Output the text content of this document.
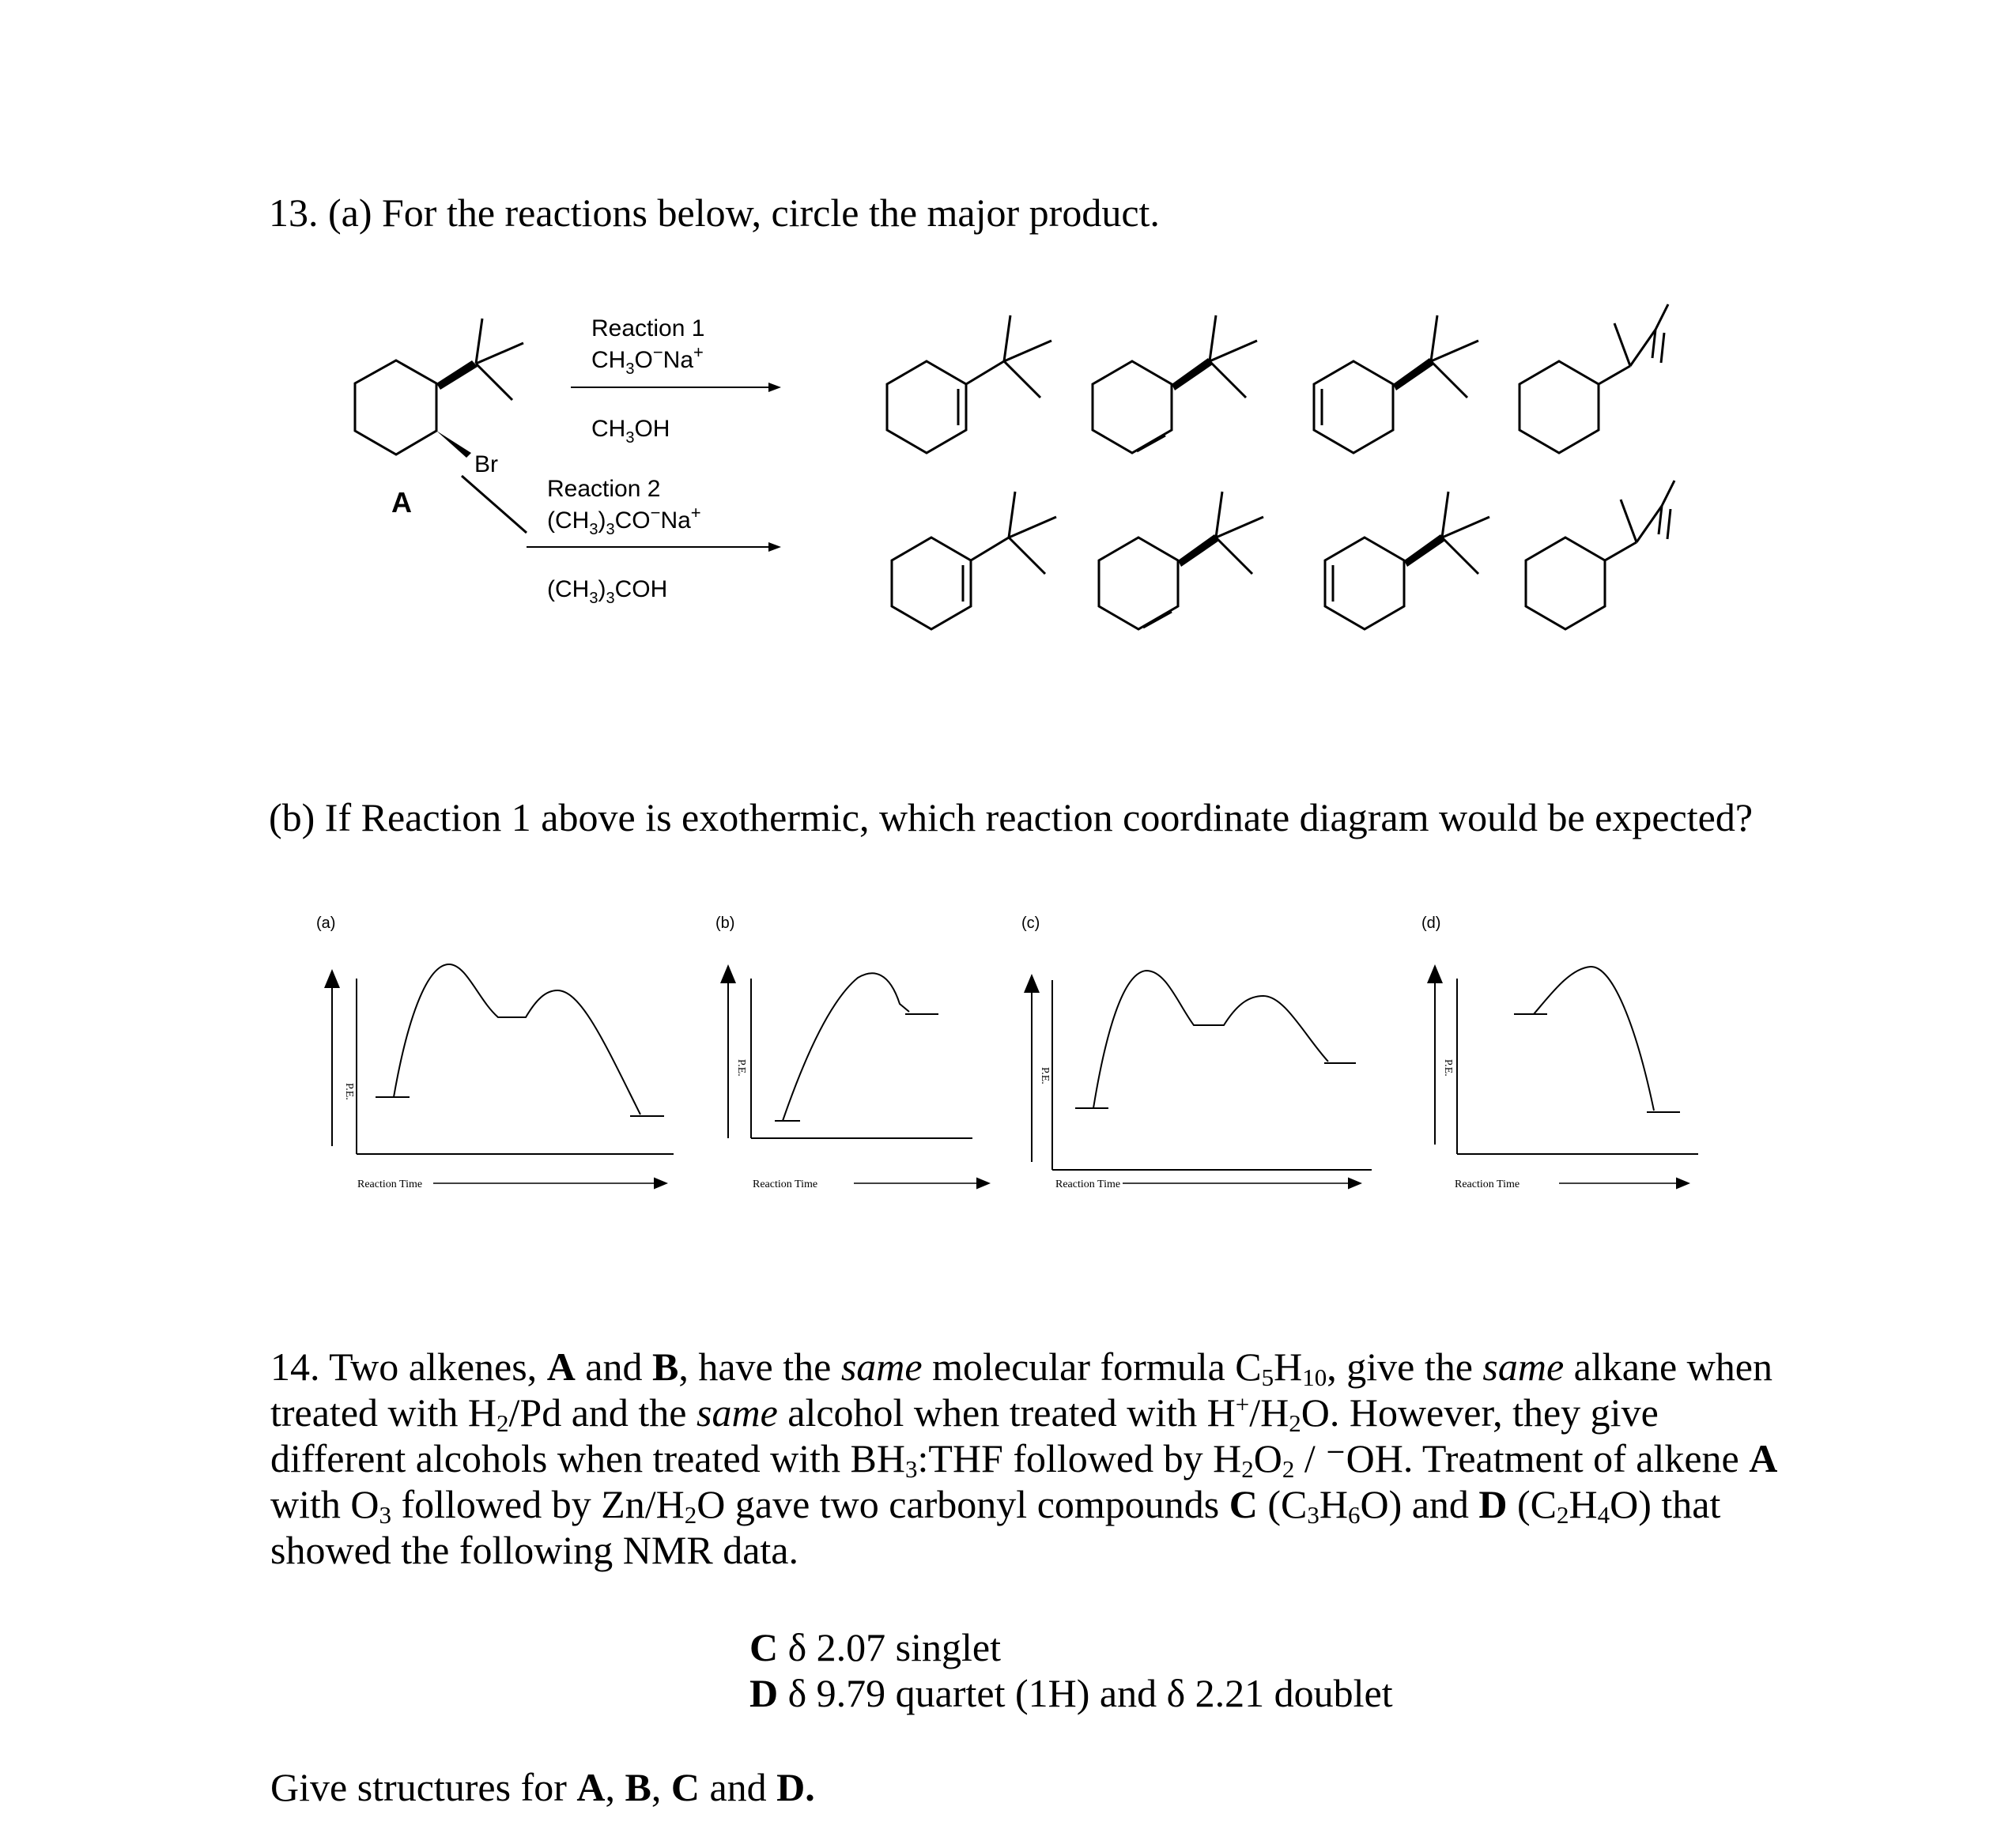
13. (a) For the reactions below, circle the major product.
Br
A
Reaction 1
$CH_3O^-Na^+$
$CH_3OH$
Reaction 2
$(CH_3)_3CO^-Na^+$
$(CH_3)_3COH$
(b) If Reaction 1 above is exothermic, which reaction coordinate diagram would be expected?
(a)
P.E.
Reaction Time
(b)
P.E.
Reaction Time
(c)
P.E.
Reaction Time
(d)
P.E.
Reaction Time

14. Two alkenes, A and B, have the same molecular formula $C_5H_{10}$, give the same alkane when

treated with $H_2/Pd$ and the same alcohol when treated with $H^+/H_2O$. However, they give

different alcohols when treated with $BH_3:THF$ followed by $H_2O_2 / ^-OH$. Treatment of alkene A

with $O_3$ followed by $Zn/H_2O$ gave two carbonyl compounds C $(C_3H_6O)$ and D $(C_2H_4O)$ that

showed the following NMR data.

C δ 2.07 singlet
D δ 9.79 quartet (1H) and δ 2.21 doublet
Give structures for A, B, C and D.
